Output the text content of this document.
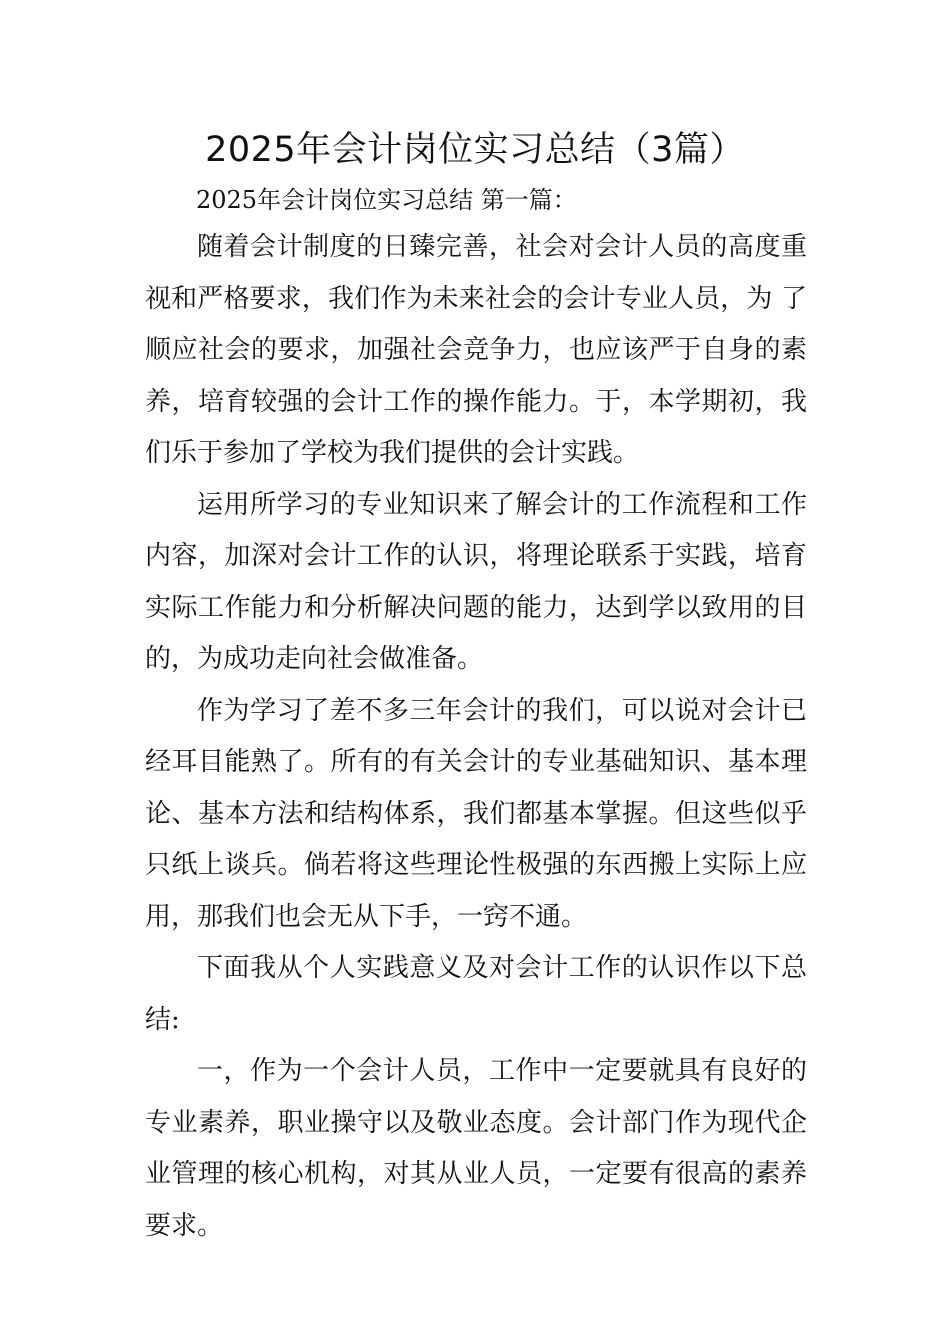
2025年会计岗位实习总结（3篇）
2025年会计岗位实习总结 第一篇：

随着会计制度的日臻完善，社会对会计人员的高度重视和严格要求，我们作为未来社会的会计专业人员，为 了顺应社会的要求，加强社会竞争力，也应该严于自身的素养，培育较强的会计工作的操作能力。于，本学期初，我们乐于参加了学校为我们提供的会计实践。

运用所学习的专业知识来了解会计的工作流程和工作内容，加深对会计工作的认识，将理论联系于实践，培育实际工作能力和分析解决问题的能力，达到学以致用的目的，为成功走向社会做准备。

作为学习了差不多三年会计的我们，可以说对会计已经耳目能熟了。所有的有关会计的专业基础知识、基本理论、基本方法和结构体系，我们都基本掌握。但这些似乎只纸上谈兵。倘若将这些理论性极强的东西搬上实际上应用，那我们也会无从下手，一窍不通。

下面我从个人实践意义及对会计工作的认识作以下总结:

一，作为一个会计人员，工作中一定要就具有良好的专业素养，职业操守以及敬业态度。会计部门作为现代企业管理的核心机构，对其从业人员，一定要有很高的素养要求。
